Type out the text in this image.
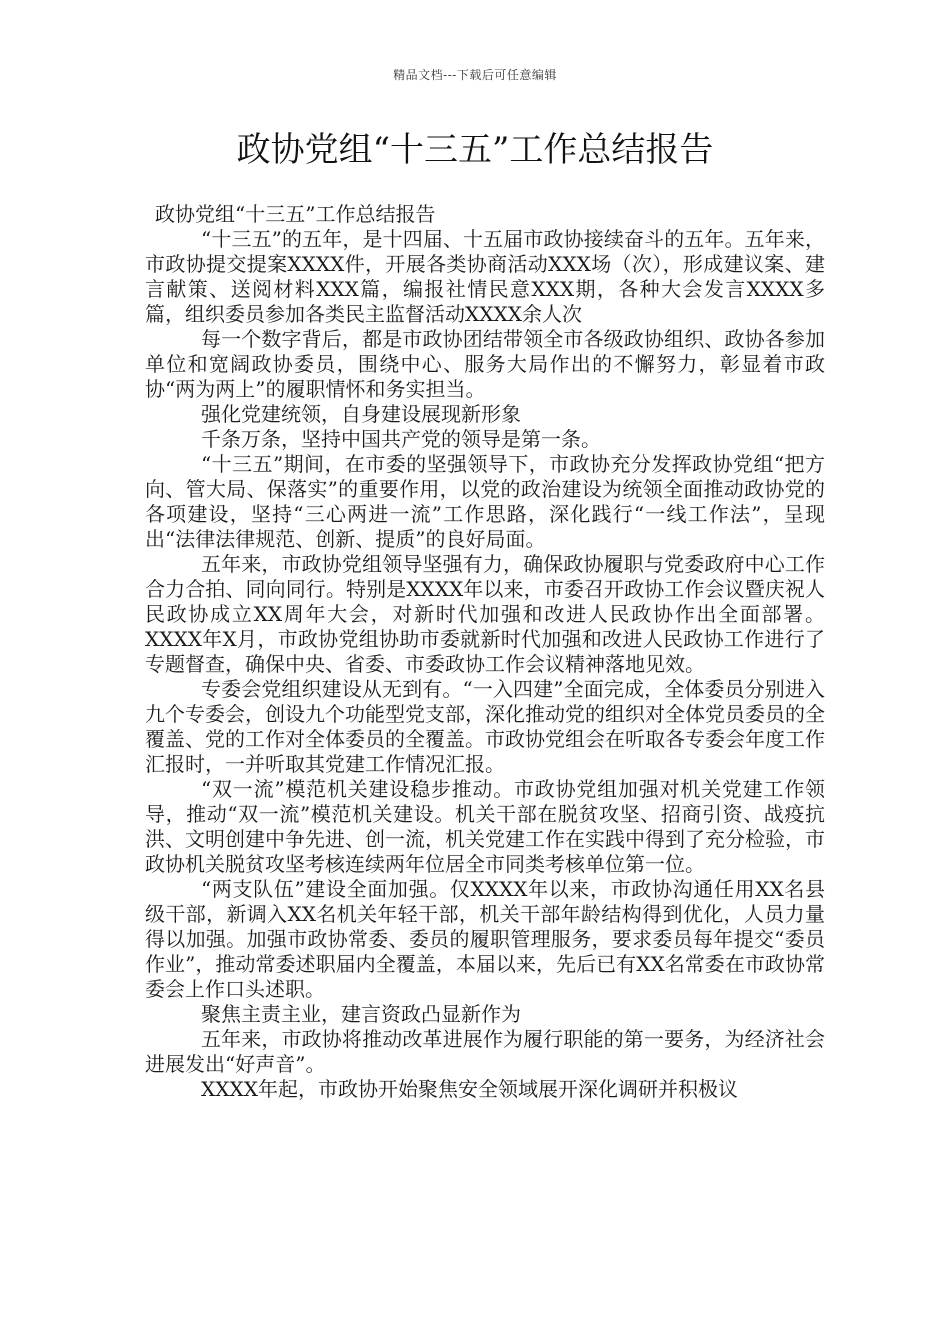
精品文档---下载后可任意编辑
政协党组“十三五”工作总结报告

政协党组“十三五”工作总结报告

“十三五”的五年，是十四届、十五届市政协接续奋斗的五年。五年来，市政协提交提案XXXX件，开展各类协商活动XXX场（次），形成建议案、建言献策、送阅材料XXX篇，编报社情民意XXX期，各种大会发言XXXX多篇，组织委员参加各类民主监督活动XXXX余人次

每一个数字背后，都是市政协团结带领全市各级政协组织、政协各参加单位和宽阔政协委员，围绕中心、服务大局作出的不懈努力，彰显着市政协“两为两上”的履职情怀和务实担当。

强化党建统领，自身建设展现新形象

千条万条，坚持中国共产党的领导是第一条。

“十三五”期间，在市委的坚强领导下，市政协充分发挥政协党组“把方向、管大局、保落实”的重要作用，以党的政治建设为统领全面推动政协党的各项建设，坚持“三心两进一流”工作思路，深化践行“一线工作法”，呈现出“法律法律规范、创新、提质”的良好局面。

五年来，市政协党组领导坚强有力，确保政协履职与党委政府中心工作合力合拍、同向同行。特别是XXXX年以来，市委召开政协工作会议暨庆祝人民政协成立XX周年大会，对新时代加强和改进人民政协作出全面部署。XXXX年X月，市政协党组协助市委就新时代加强和改进人民政协工作进行了专题督查，确保中央、省委、市委政协工作会议精神落地见效。

专委会党组织建设从无到有。“一入四建”全面完成，全体委员分别进入九个专委会，创设九个功能型党支部，深化推动党的组织对全体党员委员的全覆盖、党的工作对全体委员的全覆盖。市政协党组会在听取各专委会年度工作汇报时，一并听取其党建工作情况汇报。

“双一流”模范机关建设稳步推动。市政协党组加强对机关党建工作领导，推动“双一流”模范机关建设。机关干部在脱贫攻坚、招商引资、战疫抗洪、文明创建中争先进、创一流，机关党建工作在实践中得到了充分检验，市政协机关脱贫攻坚考核连续两年位居全市同类考核单位第一位。

“两支队伍”建设全面加强。仅XXXX年以来，市政协沟通任用XX名县级干部，新调入XX名机关年轻干部，机关干部年龄结构得到优化，人员力量得以加强。加强市政协常委、委员的履职管理服务，要求委员每年提交“委员作业”，推动常委述职届内全覆盖，本届以来，先后已有XX名常委在市政协常委会上作口头述职。

聚焦主责主业，建言资政凸显新作为

五年来，市政协将推动改革进展作为履行职能的第一要务，为经济社会进展发出“好声音”。

XXXX年起，市政协开始聚焦安全领域展开深化调研并积极议
